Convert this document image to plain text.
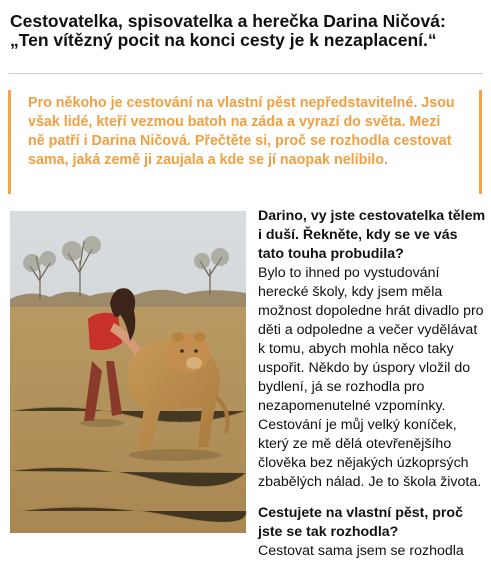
Cestovatelka, spisovatelka a herečka Darina Ničová: „Ten vítězný pocit na konci cesty je k nezaplacení.“

Pro někoho je cestování na vlastní pěst nepředstavitelné. Jsou však lidé, kteří vezmou batoh na záda a vyrazí do světa. Mezi ně patří i Darina Ničová. Přečtěte si, proč se rozhodla cestovat sama, jaká země ji zaujala a kde se jí naopak nelíbilo.

Darino, vy jste cestovatelka tělem i duší. Řekněte, kdy se ve vás tato touha probudila?

Bylo to ihned po vystudování herecké školy, kdy jsem měla možnost dopoledne hrát divadlo pro děti a odpoledne a večer vydělávat k tomu, abych mohla něco taky uspořit. Někdo by úspory vložil do bydlení, já se rozhodla pro nezapomenutelné vzpomínky. Cestování je můj velký koníček, který ze mě dělá otevřenějšího člověka bez nějakých úzkoprsých zbabělých nálad. Je to škola života.

Cestujete na vlastní pěst, proč jste se tak rozhodla?

Cestovat sama jsem se rozhodla
